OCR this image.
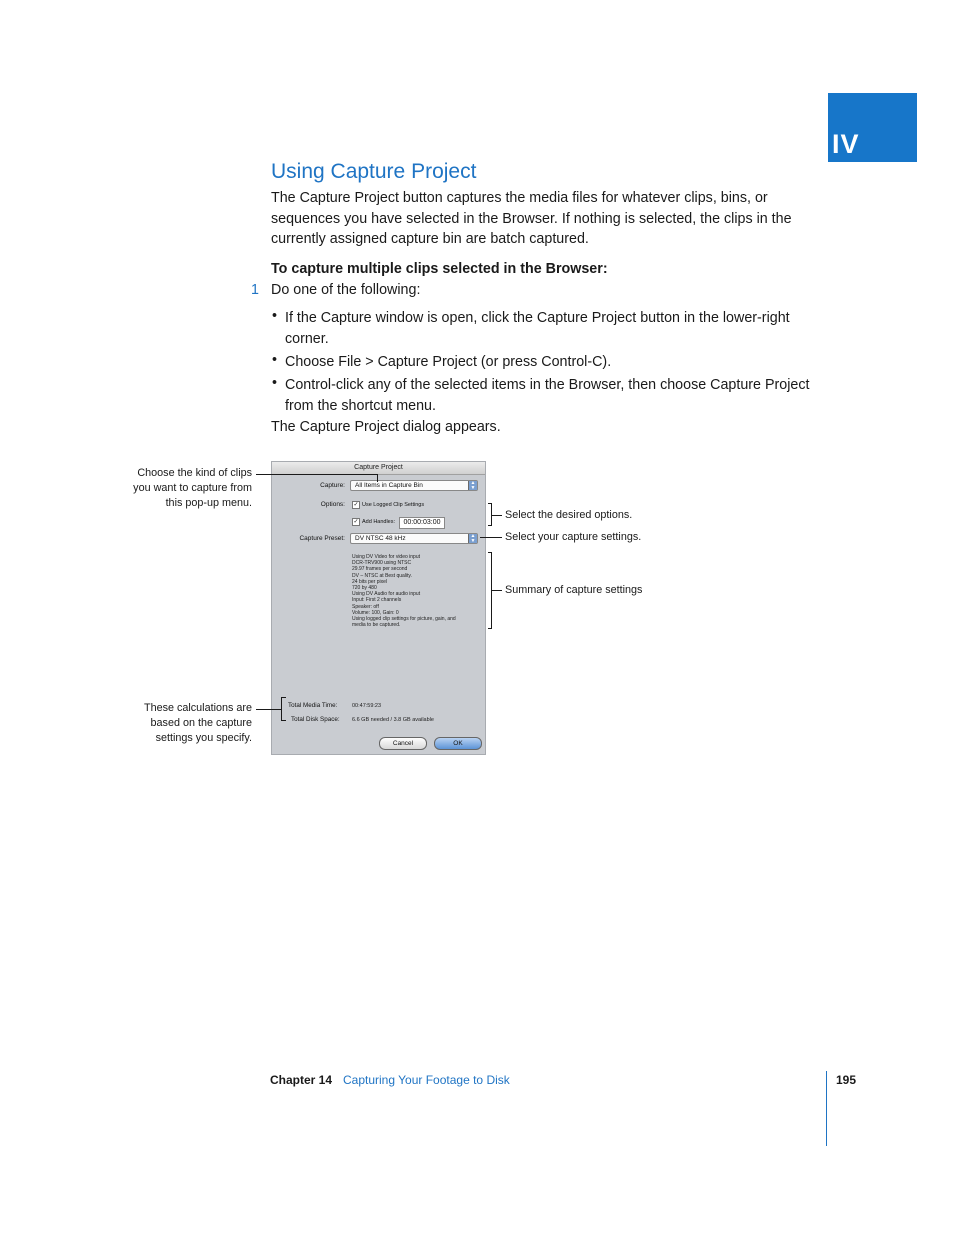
IV
Using Capture Project
The Capture Project button captures the media files for whatever clips, bins, or sequences you have selected in the Browser. If nothing is selected, the clips in the currently assigned capture bin are batch captured.
To capture multiple clips selected in the Browser:
1 Do one of the following:
• If the Capture window is open, click the Capture Project button in the lower-right corner.
• Choose File > Capture Project (or press Control-C).
• Control-click any of the selected items in the Browser, then choose Capture Project from the shortcut menu.
The Capture Project dialog appears.
Capture Project
Capture:	All Items in Capture Bin	▲
▼
Options: ✓ Use Logged Clip Settings
✓ Add Handles:	00:00:03:00
Capture Preset:	DV NTSC 48 kHz	▲
▼
Using DV Video for video input
DCR-TRV900 using NTSC
29.97 frames per second
DV – NTSC at Best quality.
24 bits per pixel
720 by 480
Using DV Audio for audio input
Input: First 2 channels
Speaker: off
Volume: 100, Gain: 0
Using logged clip settings for picture, gain, and
media to be captured.
Total Media Time:	00:47:59:23
Total Disk Space: 6.6 GB needed / 3.8 GB available
Cancel	OK
Choose the kind of clips
you want to capture from
this pop-up menu.
These calculations are
based on the capture
settings you specify.
Select the desired options.
Select your capture settings.
Summary of capture settings
Chapter 14 Capturing Your Footage to Disk	195
